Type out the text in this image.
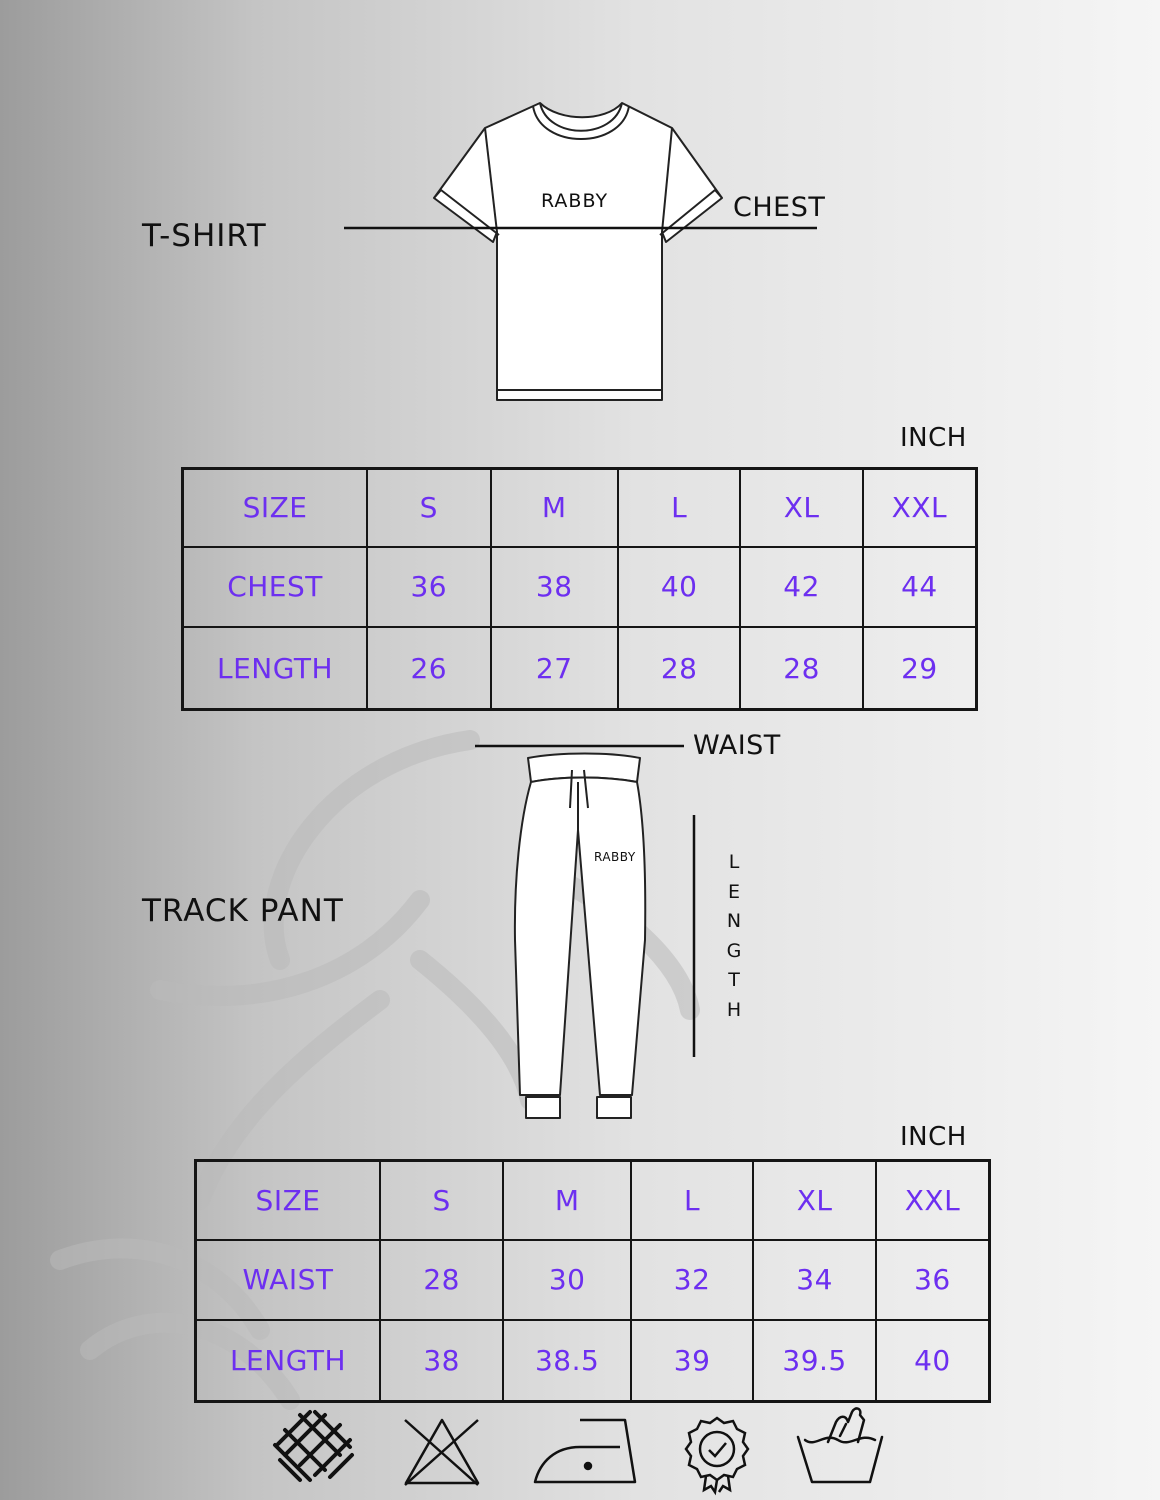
T-SHIRT
RABBY	CHEST
INCH
SIZE	S	M	L	XL	XXL
CHEST	36	38	40	42	44
LENGTH	26	27	28	28	29
RABBY
WAIST
TRACK PANT
L
E
N
G
T
H
INCH
SIZE	S	M	L	XL	XXL
WAIST	28	30	32	34	36
LENGTH	38	38.5	39	39.5	40
